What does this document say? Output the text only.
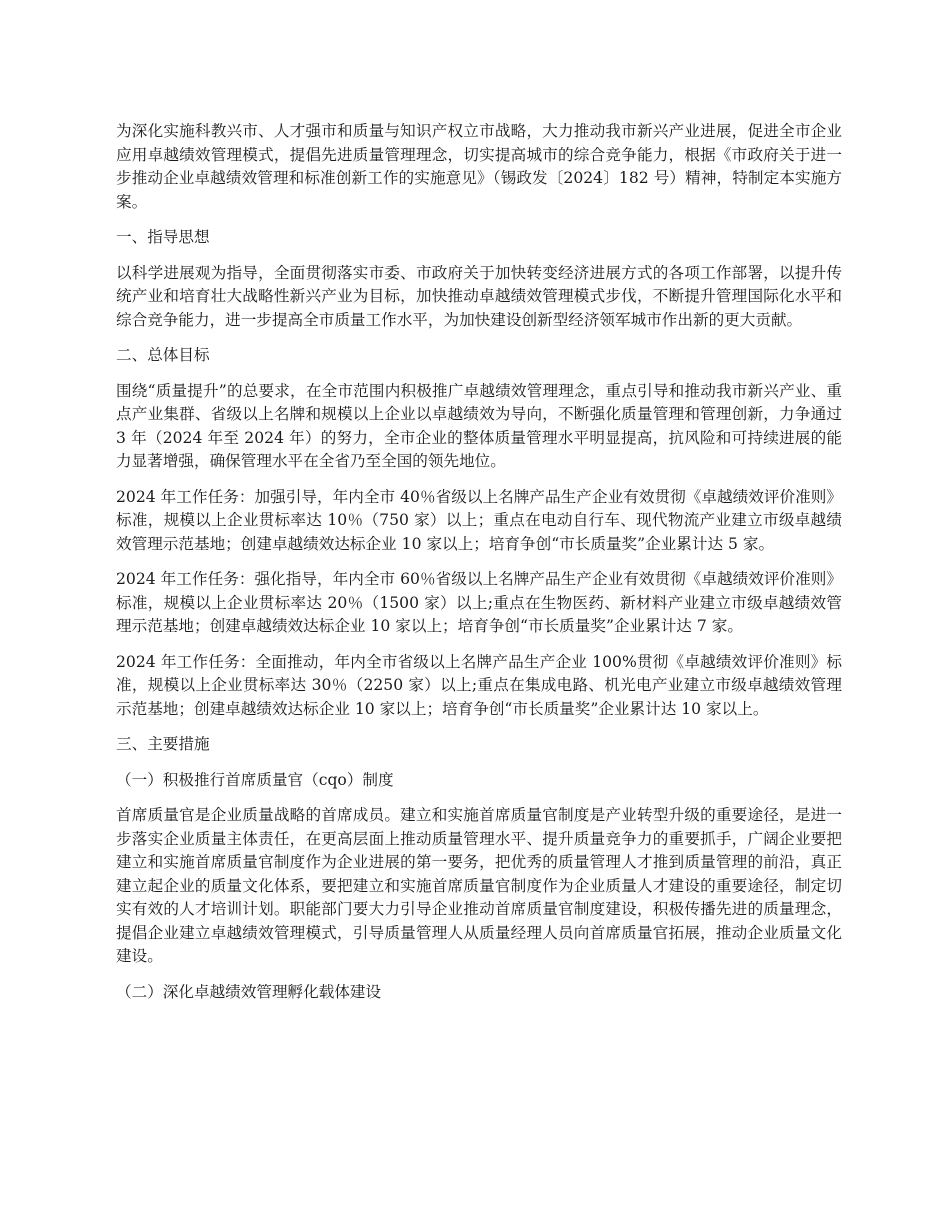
为深化实施科教兴市、人才强市和质量与知识产权立市战略，大力推动我市新兴产业进展，促进全市企业应用卓越绩效管理模式，提倡先进质量管理理念，切实提高城市的综合竞争能力，根据《市政府关于进一步推动企业卓越绩效管理和标准创新工作的实施意见》（锡政发〔2024〕182 号）精神，特制定本实施方案。

一、指导思想

以科学进展观为指导，全面贯彻落实市委、市政府关于加快转变经济进展方式的各项工作部署，以提升传统产业和培育壮大战略性新兴产业为目标，加快推动卓越绩效管理模式步伐，不断提升管理国际化水平和综合竞争能力，进一步提高全市质量工作水平，为加快建设创新型经济领军城市作出新的更大贡献。

二、总体目标

围绕“质量提升”的总要求，在全市范围内积极推广卓越绩效管理理念，重点引导和推动我市新兴产业、重点产业集群、省级以上名牌和规模以上企业以卓越绩效为导向，不断强化质量管理和管理创新，力争通过 3 年（2024 年至 2024 年）的努力，全市企业的整体质量管理水平明显提高，抗风险和可持续进展的能力显著增强，确保管理水平在全省乃至全国的领先地位。

2024 年工作任务：加强引导，年内全市 40％省级以上名牌产品生产企业有效贯彻《卓越绩效评价准则》标准，规模以上企业贯标率达 10％（750 家）以上；重点在电动自行车、现代物流产业建立市级卓越绩效管理示范基地；创建卓越绩效达标企业 10 家以上；培育争创“市长质量奖”企业累计达 5 家。

2024 年工作任务：强化指导，年内全市 60％省级以上名牌产品生产企业有效贯彻《卓越绩效评价准则》标准，规模以上企业贯标率达 20％（1500 家）以上;重点在生物医药、新材料产业建立市级卓越绩效管理示范基地；创建卓越绩效达标企业 10 家以上；培育争创“市长质量奖”企业累计达 7 家。

2024 年工作任务：全面推动，年内全市省级以上名牌产品生产企业 100%贯彻《卓越绩效评价准则》标准，规模以上企业贯标率达 30％（2250 家）以上;重点在集成电路、机光电产业建立市级卓越绩效管理示范基地；创建卓越绩效达标企业 10 家以上；培育争创“市长质量奖”企业累计达 10 家以上。

三、主要措施

（一）积极推行首席质量官（cqo）制度

首席质量官是企业质量战略的首席成员。建立和实施首席质量官制度是产业转型升级的重要途径，是进一步落实企业质量主体责任，在更高层面上推动质量管理水平、提升质量竞争力的重要抓手，广阔企业要把建立和实施首席质量官制度作为企业进展的第一要务，把优秀的质量管理人才推到质量管理的前沿，真正建立起企业的质量文化体系，要把建立和实施首席质量官制度作为企业质量人才建设的重要途径，制定切实有效的人才培训计划。职能部门要大力引导企业推动首席质量官制度建设，积极传播先进的质量理念，提倡企业建立卓越绩效管理模式，引导质量管理人从质量经理人员向首席质量官拓展，推动企业质量文化建设。

（二）深化卓越绩效管理孵化载体建设
